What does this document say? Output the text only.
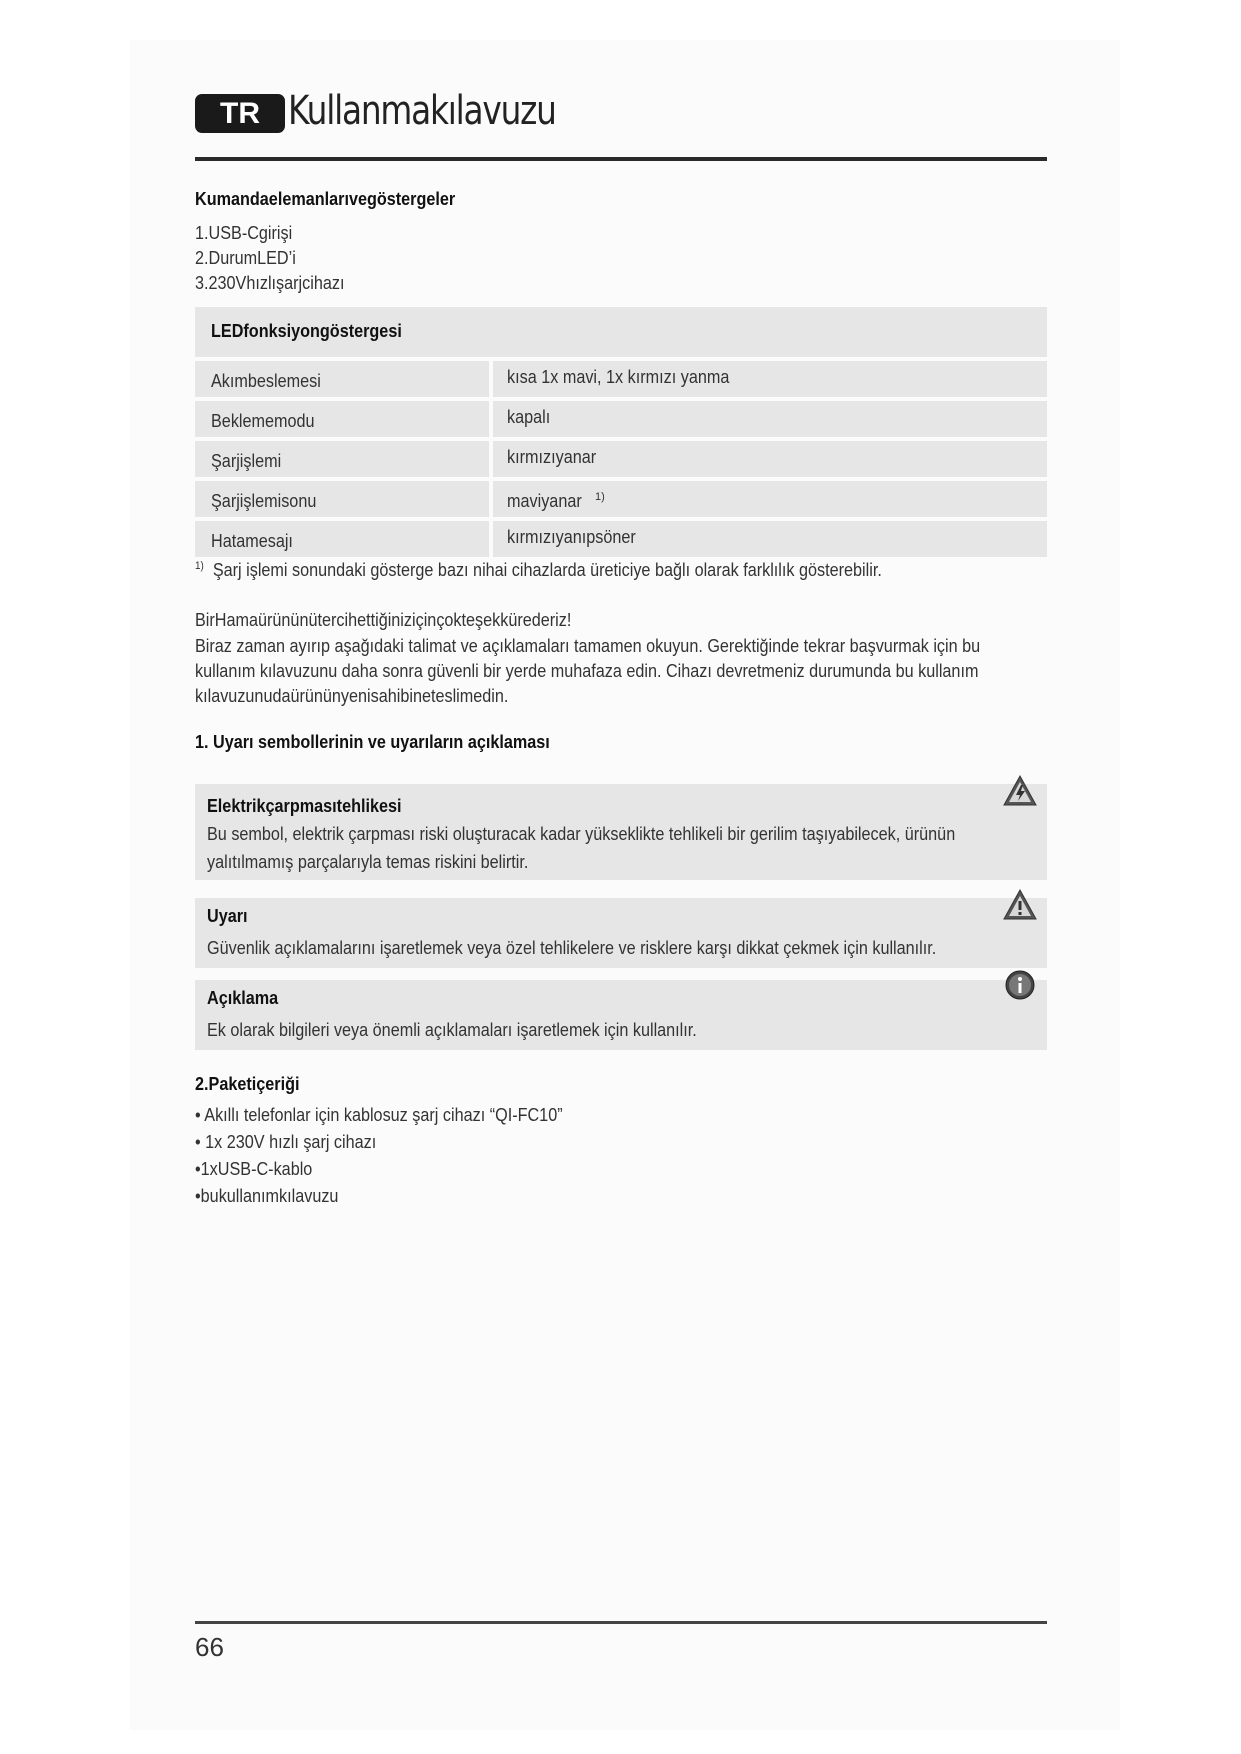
TR Kullanmakılavuzu
Kumandaelemanlarıvegöstergeler
1.USB-Cgirişi
2.DurumLED’i
3.230Vhızlışarjcihazı
LEDfonksiyongöstergesi
Akımbeslemesi	kısa 1x mavi, 1x kırmızı yanma
Beklememodu	kapalı
Şarjişlemi	kırmızıyanar
Şarjişlemisonu	maviyanar $^{1)}$
Hatamesajı	kırmızıyanıpsöner
$^{1)}$ Şarj işlemi sonundaki gösterge bazı nihai cihazlarda üreticiye bağlı olarak farklılık gösterebilir.
BirHamaürününütercihettiğiniziçinçokteşekkürederiz!
Biraz zaman ayırıp aşağıdaki talimat ve açıklamaları tamamen okuyun. Gerektiğinde tekrar başvurmak için bu
kullanım kılavuzunu daha sonra güvenli bir yerde muhafaza edin. Cihazı devretmeniz durumunda bu kullanım
kılavuzunudaürününyenisahibineteslimedin.
1. Uyarı sembollerinin ve uyarıların açıklaması
Elektrikçarpmasıtehlikesi
Bu sembol, elektrik çarpması riski oluşturacak kadar yükseklikte tehlikeli bir gerilim taşıyabilecek, ürünün
yalıtılmamış parçalarıyla temas riskini belirtir.
Uyarı
Güvenlik açıklamalarını işaretlemek veya özel tehlikelere ve risklere karşı dikkat çekmek için kullanılır.
Açıklama
Ek olarak bilgileri veya önemli açıklamaları işaretlemek için kullanılır.
2.Paketiçeriği
• Akıllı telefonlar için kablosuz şarj cihazı “QI-FC10”
• 1x 230V hızlı şarj cihazı
•1xUSB-C-kablo
•bukullanımkılavuzu
66
